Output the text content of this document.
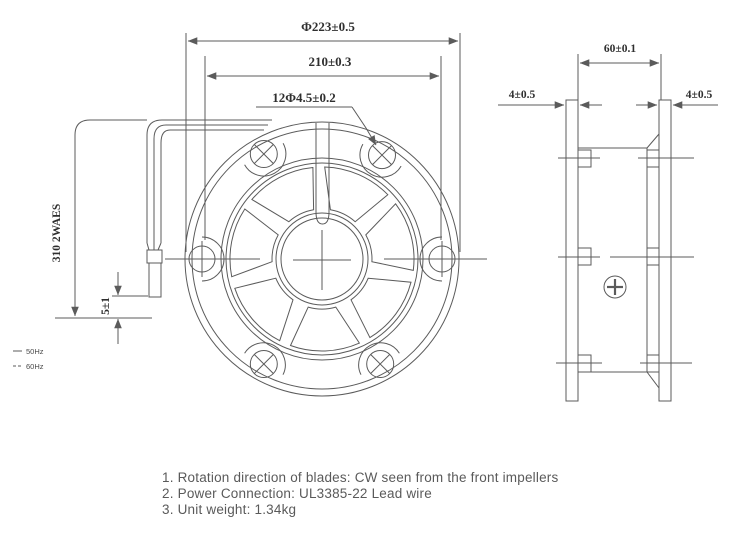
Φ223±0.5
210±0.3
12Φ4.5±0.2
310 2WAES
5±1
50Hz
60Hz
60±0.1
4±0.5	4±0.5
1. Rotation direction of blades: CW seen from the front impellers
2. Power Connection: UL3385-22 Lead wire
3. Unit weight: 1.34kg
